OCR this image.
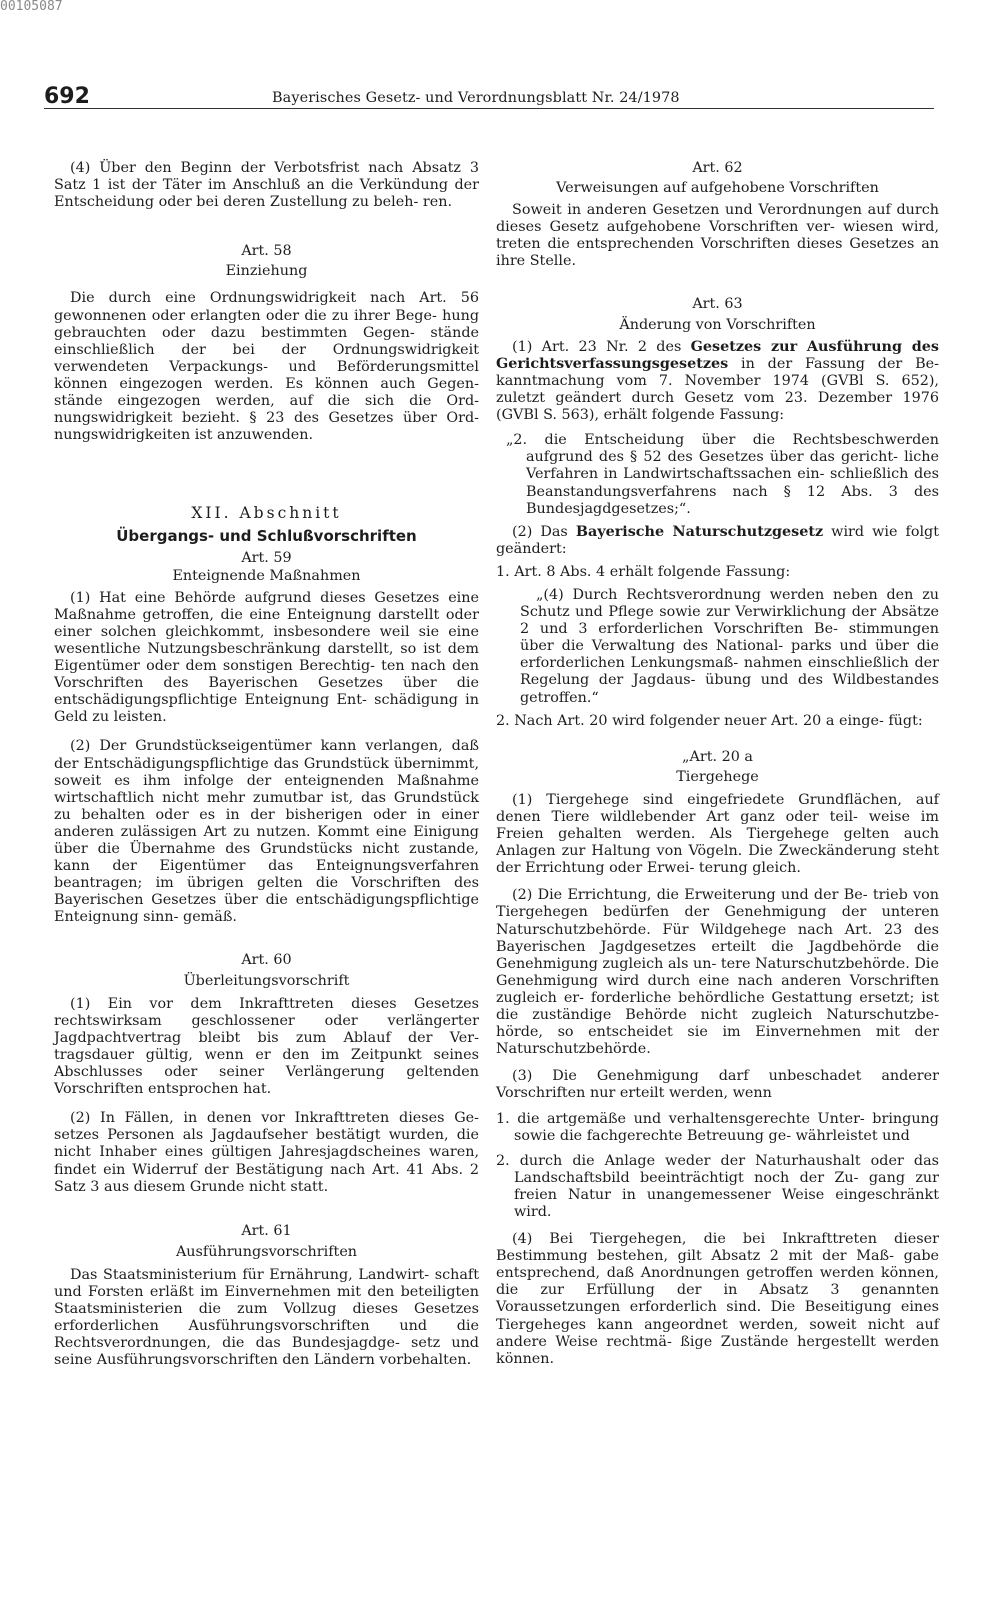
00105087
692	Bayerisches Gesetz- und Verordnungsblatt Nr. 24/1978

(4) Über den Beginn der Verbotsfrist nach Absatz 3 Satz 1 ist der Täter im Anschluß an die Verkündung der Entscheidung oder bei deren Zustellung zu beleh- ren.

Art. 58

Einziehung

Die durch eine Ordnungswidrigkeit nach Art. 56 gewonnenen oder erlangten oder die zu ihrer Bege- hung gebrauchten oder dazu bestimmten Gegen- stände einschließlich der bei der Ordnungswidrigkeit verwendeten Verpackungs- und Beförderungsmittel können eingezogen werden. Es können auch Gegen- stände eingezogen werden, auf die sich die Ord- nungswidrigkeit bezieht. § 23 des Gesetzes über Ord- nungswidrigkeiten ist anzuwenden.

XII. Abschnitt

Übergangs- und Schlußvorschriften

Art. 59

Enteignende Maßnahmen

(1) Hat eine Behörde aufgrund dieses Gesetzes eine Maßnahme getroffen, die eine Enteignung darstellt oder einer solchen gleichkommt, insbesondere weil sie eine wesentliche Nutzungsbeschränkung darstellt, so ist dem Eigentümer oder dem sonstigen Berechtig- ten nach den Vorschriften des Bayerischen Gesetzes über die entschädigungspflichtige Enteignung Ent- schädigung in Geld zu leisten.

(2) Der Grundstückseigentümer kann verlangen, daß der Entschädigungspflichtige das Grundstück übernimmt, soweit es ihm infolge der enteignenden Maßnahme wirtschaftlich nicht mehr zumutbar ist, das Grundstück zu behalten oder es in der bisherigen oder in einer anderen zulässigen Art zu nutzen. Kommt eine Einigung über die Übernahme des Grundstücks nicht zustande, kann der Eigentümer das Enteignungsverfahren beantragen; im übrigen gelten die Vorschriften des Bayerischen Gesetzes über die entschädigungspflichtige Enteignung sinn- gemäß.

Art. 60

Überleitungsvorschrift

(1) Ein vor dem Inkrafttreten dieses Gesetzes rechtswirksam geschlossener oder verlängerter Jagdpachtvertrag bleibt bis zum Ablauf der Ver- tragsdauer gültig, wenn er den im Zeitpunkt seines Abschlusses oder seiner Verlängerung geltenden Vorschriften entsprochen hat.

(2) In Fällen, in denen vor Inkrafttreten dieses Ge- setzes Personen als Jagdaufseher bestätigt wurden, die nicht Inhaber eines gültigen Jahresjagdscheines waren, findet ein Widerruf der Bestätigung nach Art. 41 Abs. 2 Satz 3 aus diesem Grunde nicht statt.

Art. 61

Ausführungsvorschriften

Das Staatsministerium für Ernährung, Landwirt- schaft und Forsten erläßt im Einvernehmen mit den beteiligten Staatsministerien die zum Vollzug dieses Gesetzes erforderlichen Ausführungsvorschriften und die Rechtsverordnungen, die das Bundesjagdge- setz und seine Ausführungsvorschriften den Ländern vorbehalten.

Art. 62

Verweisungen auf aufgehobene Vorschriften

Soweit in anderen Gesetzen und Verordnungen auf durch dieses Gesetz aufgehobene Vorschriften ver- wiesen wird, treten die entsprechenden Vorschriften dieses Gesetzes an ihre Stelle.

Art. 63

Änderung von Vorschriften

(1) Art. 23 Nr. 2 des Gesetzes zur Ausführung des Gerichtsverfassungsgesetzes in der Fassung der Be- kanntmachung vom 7. November 1974 (GVBl S. 652), zuletzt geändert durch Gesetz vom 23. Dezember 1976 (GVBl S. 563), erhält folgende Fassung:

„2. die Entscheidung über die Rechtsbeschwerden aufgrund des § 52 des Gesetzes über das gericht- liche Verfahren in Landwirtschaftssachen ein- schließlich des Beanstandungsverfahrens nach § 12 Abs. 3 des Bundesjagdgesetzes;“.

(2) Das Bayerische Naturschutzgesetz wird wie folgt geändert:

1. Art. 8 Abs. 4 erhält folgende Fassung:

„(4) Durch Rechtsverordnung werden neben den zu Schutz und Pflege sowie zur Verwirklichung der Absätze 2 und 3 erforderlichen Vorschriften Be- stimmungen über die Verwaltung des National- parks und über die erforderlichen Lenkungsmaß- nahmen einschließlich der Regelung der Jagdaus- übung und des Wildbestandes getroffen.“

2. Nach Art. 20 wird folgender neuer Art. 20 a einge- fügt:

„Art. 20 a

Tiergehege

(1) Tiergehege sind eingefriedete Grundflächen, auf denen Tiere wildlebender Art ganz oder teil- weise im Freien gehalten werden. Als Tiergehege gelten auch Anlagen zur Haltung von Vögeln. Die Zweckänderung steht der Errichtung oder Erwei- terung gleich.

(2) Die Errichtung, die Erweiterung und der Be- trieb von Tiergehegen bedürfen der Genehmigung der unteren Naturschutzbehörde. Für Wildgehege nach Art. 23 des Bayerischen Jagdgesetzes erteilt die Jagdbehörde die Genehmigung zugleich als un- tere Naturschutzbehörde. Die Genehmigung wird durch eine nach anderen Vorschriften zugleich er- forderliche behördliche Gestattung ersetzt; ist die zuständige Behörde nicht zugleich Naturschutzbe- hörde, so entscheidet sie im Einvernehmen mit der Naturschutzbehörde.

(3) Die Genehmigung darf unbeschadet anderer Vorschriften nur erteilt werden, wenn

1. die artgemäße und verhaltensgerechte Unter- bringung sowie die fachgerechte Betreuung ge- währleistet und

2. durch die Anlage weder der Naturhaushalt oder das Landschaftsbild beeinträchtigt noch der Zu- gang zur freien Natur in unangemessener Weise eingeschränkt wird.

(4) Bei Tiergehegen, die bei Inkrafttreten dieser Bestimmung bestehen, gilt Absatz 2 mit der Maß- gabe entsprechend, daß Anordnungen getroffen werden können, die zur Erfüllung der in Absatz 3 genannten Voraussetzungen erforderlich sind. Die Beseitigung eines Tiergeheges kann angeordnet werden, soweit nicht auf andere Weise rechtmä- ßige Zustände hergestellt werden können.
